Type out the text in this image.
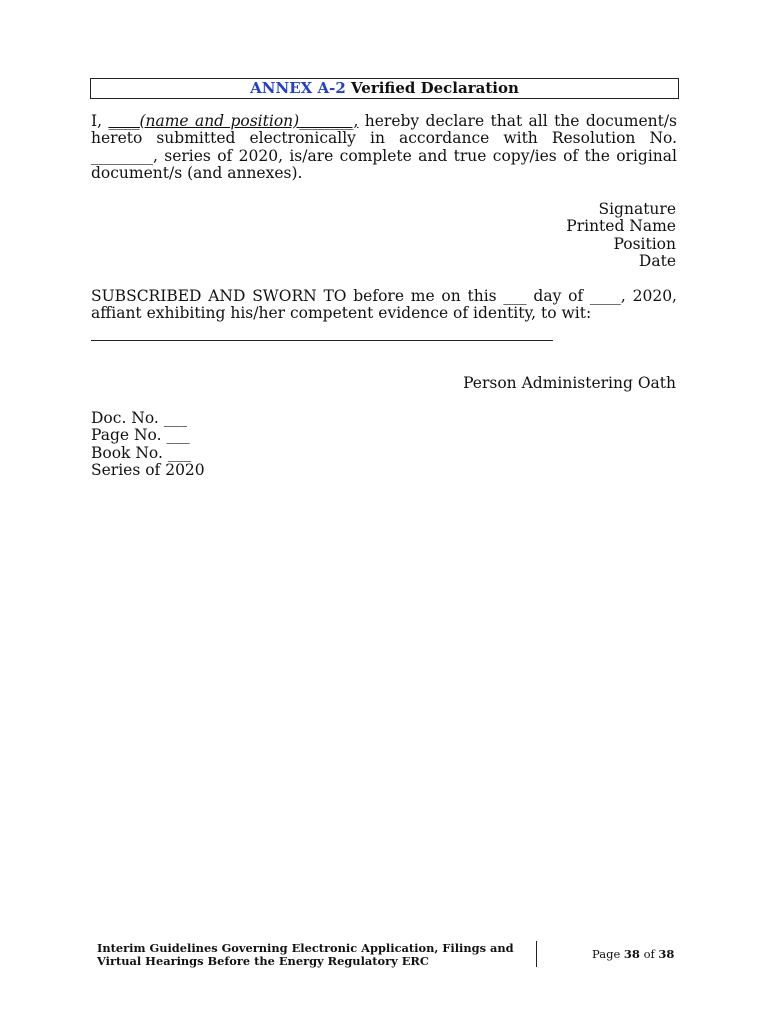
ANNEX A-2 Verified Declaration
I, ____(name and position)_______, hereby declare that all the document/s hereto submitted electronically in accordance with Resolution No. ________, series of 2020, is/are complete and true copy/ies of the original document/s (and annexes).
Signature
Printed Name
Position
Date
SUBSCRIBED AND SWORN TO before me on this ___ day of ____, 2020, affiant exhibiting his/her competent evidence of identity, to wit:
Person Administering Oath
Doc. No. ___
Page No. ___
Book No. ___
Series of 2020
Interim Guidelines Governing Electronic Application, Filings and
Virtual Hearings Before the Energy Regulatory ERC	Page 38 of 38
